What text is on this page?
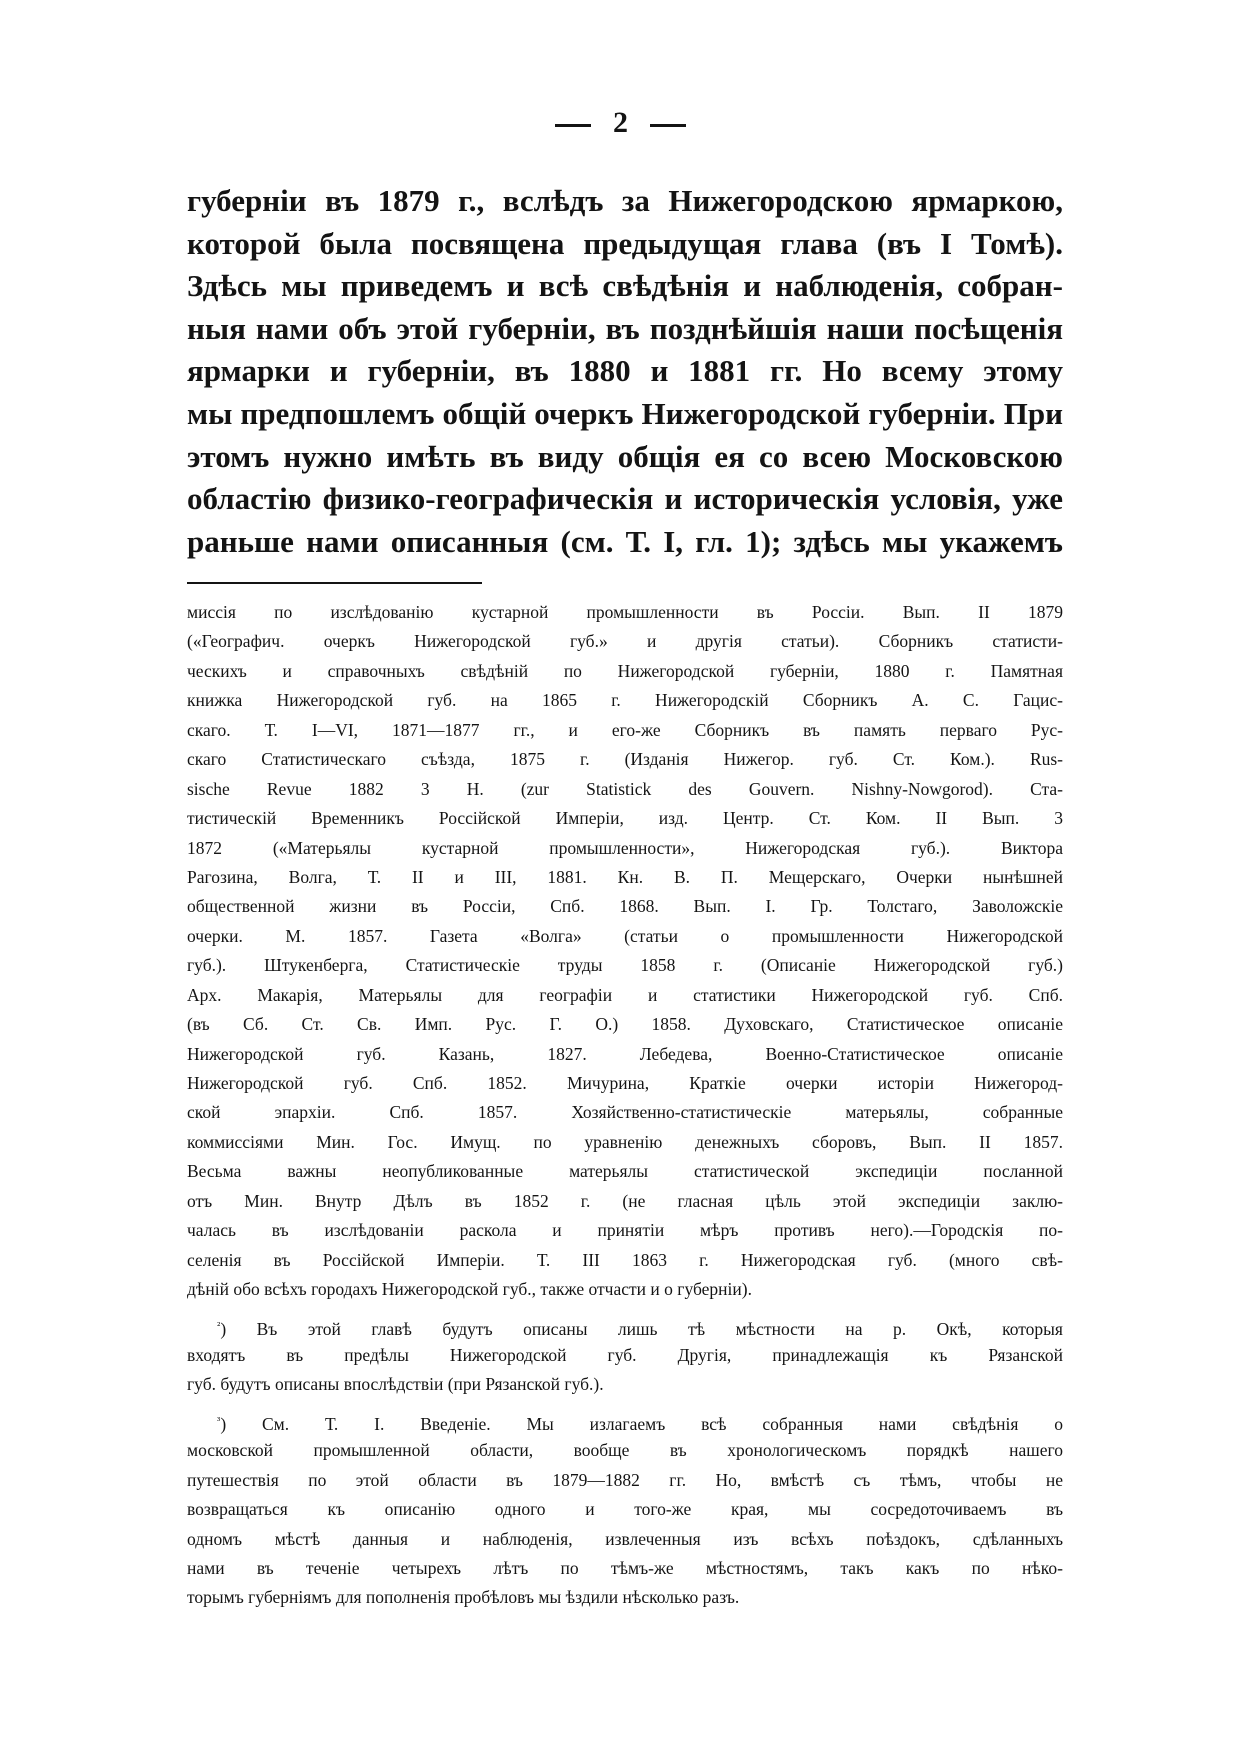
2
губерніи въ 1879 г., вслѣдъ за Нижегородскою ярмаркою,
которой была посвящена предыдущая глава (въ I Томѣ).
Здѣсь мы приведемъ и всѣ свѣдѣнія и наблюденія, собран-
ныя нами объ этой губерніи, въ позднѣйшія наши посѣщенія
ярмарки и губерніи, въ 1880 и 1881 гг. Но всему этому
мы предпошлемъ общій очеркъ Нижегородской губерніи. При
этомъ нужно имѣть въ виду общія ея со всею Московскою
областію физико-географическія и историческія условія, уже
раньше нами описанныя (см. Т. I, гл. 1); здѣсь мы укажемъ
миссія по изслѣдованію кустарной промышленности въ Россіи. Вып. II 1879
(«Географич. очеркъ Нижегородской губ.» и другія статьи). Сборникъ статисти-
ческихъ и справочныхъ свѣдѣній по Нижегородской губерніи, 1880 г. Памятная
книжка Нижегородской губ. на 1865 г. Нижегородскій Сборникъ А. С. Гацис-
скаго. Т. I—VI, 1871—1877 гг., и его-же Сборникъ въ память перваго Рус-
скаго Статистическаго съѣзда, 1875 г. (Изданія Нижегор. губ. Ст. Ком.). Rus-
sische Revue 1882 3 H. (zur Statistick des Gouvern. Nishny-Nowgorod). Ста-
тистическій Временникъ Россійской Имперіи, изд. Центр. Ст. Ком. II Вып. 3
1872 («Матерьялы кустарной промышленности», Нижегородская губ.). Виктора
Рагозина, Волга, Т. II и III, 1881. Кн. В. П. Мещерскаго, Очерки нынѣшней
общественной жизни въ Россіи, Спб. 1868. Вып. I. Гр. Толстаго, Заволожскіе
очерки. М. 1857. Газета «Волга» (статьи о промышленности Нижегородской
губ.). Штукенберга, Статистическіе труды 1858 г. (Описаніе Нижегородской губ.)
Арх. Макарія, Матерьялы для географіи и статистики Нижегородской губ. Спб.
(въ Сб. Ст. Св. Имп. Рус. Г. О.) 1858. Духовскаго, Статистическое описаніе
Нижегородской губ. Казань, 1827. Лебедева, Военно-Статистическое описаніе
Нижегородской губ. Спб. 1852. Мичурина, Краткіе очерки исторіи Нижегород-
ской эпархіи. Спб. 1857. Хозяйственно-статистическіе матерьялы, собранные
коммиссіями Мин. Гос. Имущ. по уравненію денежныхъ сборовъ, Вып. II 1857.
Весьма важны неопубликованные матерьялы статистической экспедиціи посланной
отъ Мин. Внутр Дѣлъ въ 1852 г. (не гласная цѣль этой экспедиціи заклю-
чалась въ изслѣдованіи раскола и принятіи мѣръ противъ него).—Городскія по-
селенія въ Россійской Имперіи. Т. III 1863 г. Нижегородская губ. (много свѣ-
дѣній обо всѣхъ городахъ Нижегородской губ., также отчасти и о губерніи).
$^{^2}$) Въ этой главѣ будутъ описаны лишь тѣ мѣстности на р. Окѣ, которыя
входятъ въ предѣлы Нижегородской губ. Другія, принадлежащія къ Рязанской
губ. будутъ описаны впослѣдствіи (при Рязанской губ.).
$^{^3}$) См. Т. I. Введеніе. Мы излагаемъ всѣ собранныя нами свѣдѣнія о
московской промышленной области, вообще въ хронологическомъ порядкѣ нашего
путешествія по этой области въ 1879—1882 гг. Но, вмѣстѣ съ тѣмъ, чтобы не
возвращаться къ описанію одного и того-же края, мы сосредоточиваемъ въ
одномъ мѣстѣ данныя и наблюденія, извлеченныя изъ всѣхъ поѣздокъ, сдѣланныхъ
нами въ теченіе четырехъ лѣтъ по тѣмъ-же мѣстностямъ, такъ какъ по нѣко-
торымъ губерніямъ для пополненія пробѣловъ мы ѣздили нѣсколько разъ.
